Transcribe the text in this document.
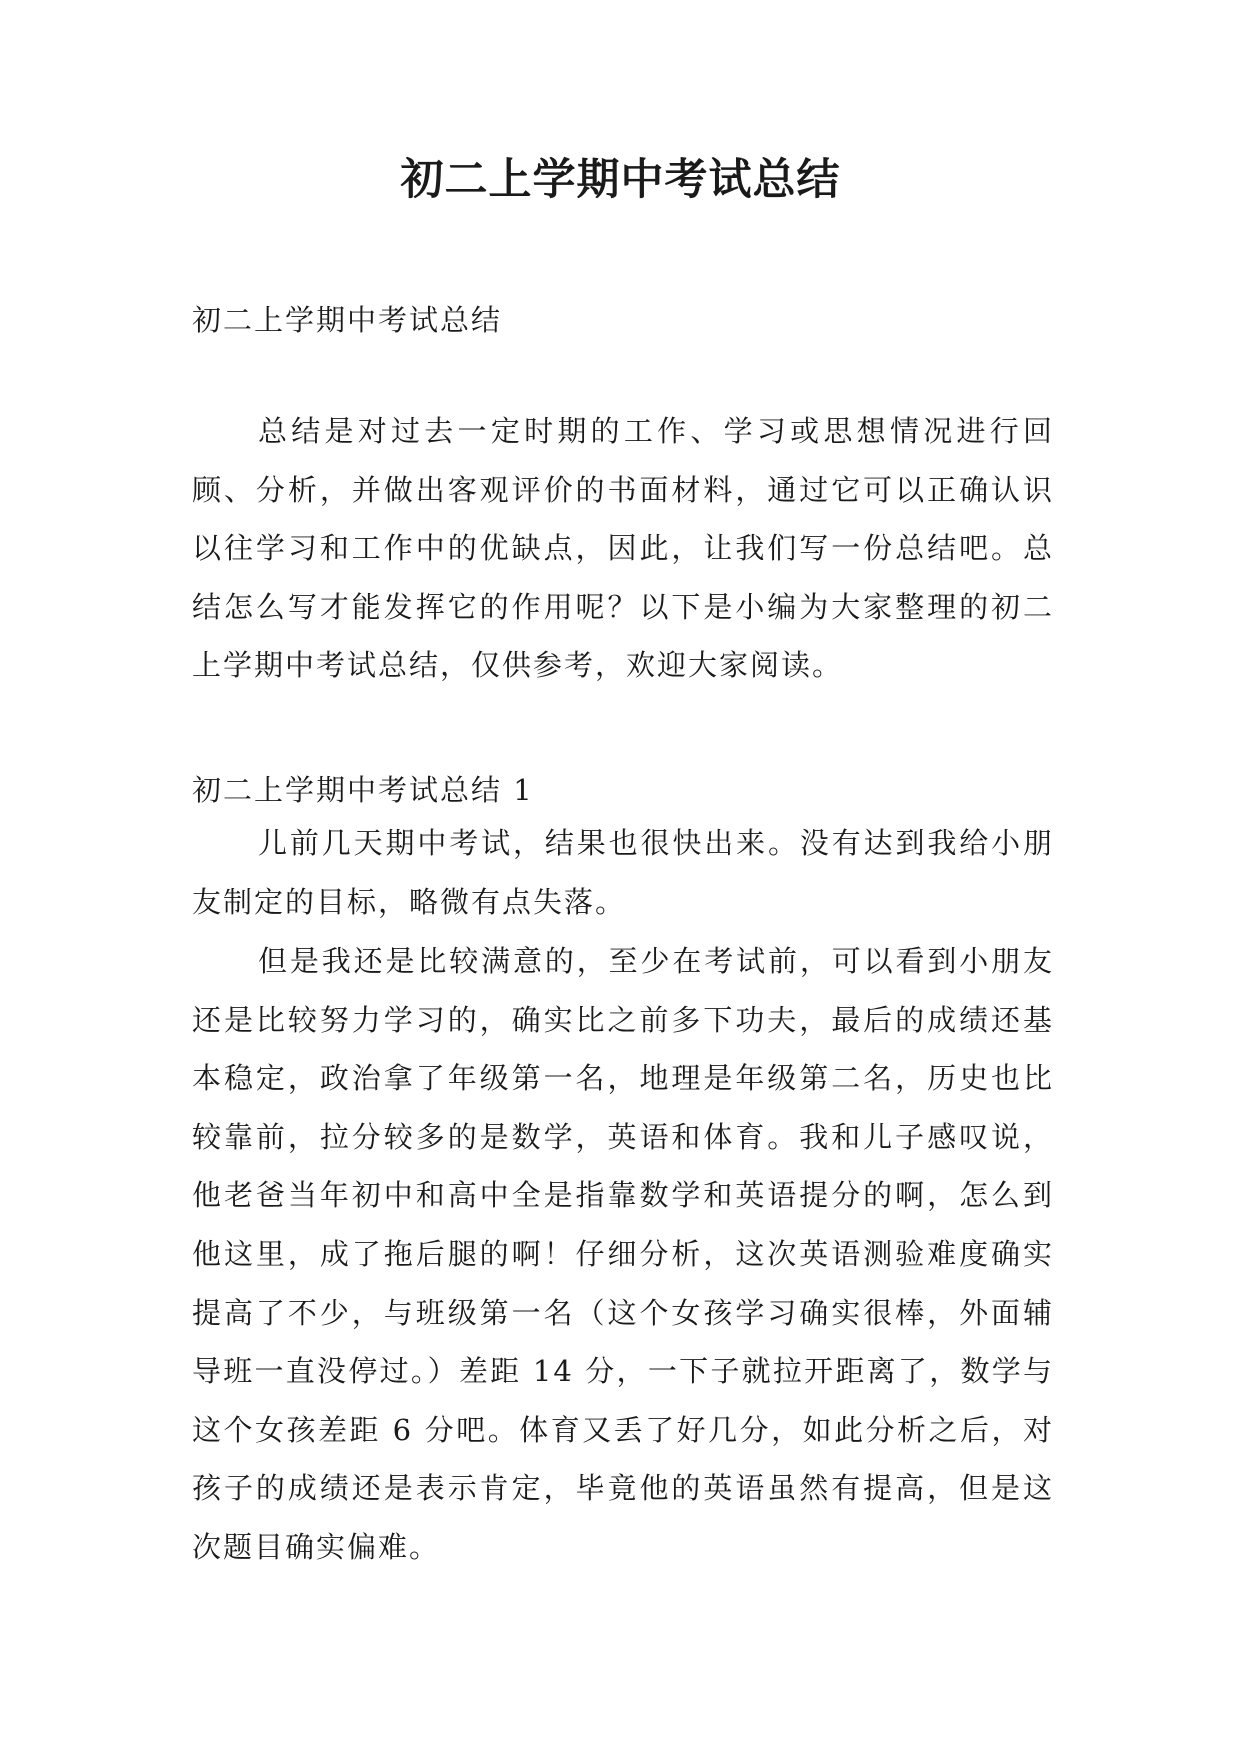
初二上学期中考试总结
初二上学期中考试总结

总结是对过去一定时期的工作、学习或思想情况进行回顾、分析，并做出客观评价的书面材料，通过它可以正确认识以往学习和工作中的优缺点，因此，让我们写一份总结吧。总结怎么写才能发挥它的作用呢？以下是小编为大家整理的初二上学期中考试总结，仅供参考，欢迎大家阅读。

初二上学期中考试总结 1

儿前几天期中考试，结果也很快出来。没有达到我给小朋友制定的目标，略微有点失落。

但是我还是比较满意的，至少在考试前，可以看到小朋友还是比较努力学习的，确实比之前多下功夫，最后的成绩还基本稳定，政治拿了年级第一名，地理是年级第二名，历史也比较靠前，拉分较多的是数学，英语和体育。我和儿子感叹说，他老爸当年初中和高中全是指靠数学和英语提分的啊，怎么到他这里，成了拖后腿的啊！仔细分析，这次英语测验难度确实提高了不少，与班级第一名（这个女孩学习确实很棒，外面辅导班一直没停过。）差距 14 分，一下子就拉开距离了，数学与这个女孩差距 6 分吧。体育又丢了好几分，如此分析之后，对孩子的成绩还是表示肯定，毕竟他的英语虽然有提高，但是这次题目确实偏难。
